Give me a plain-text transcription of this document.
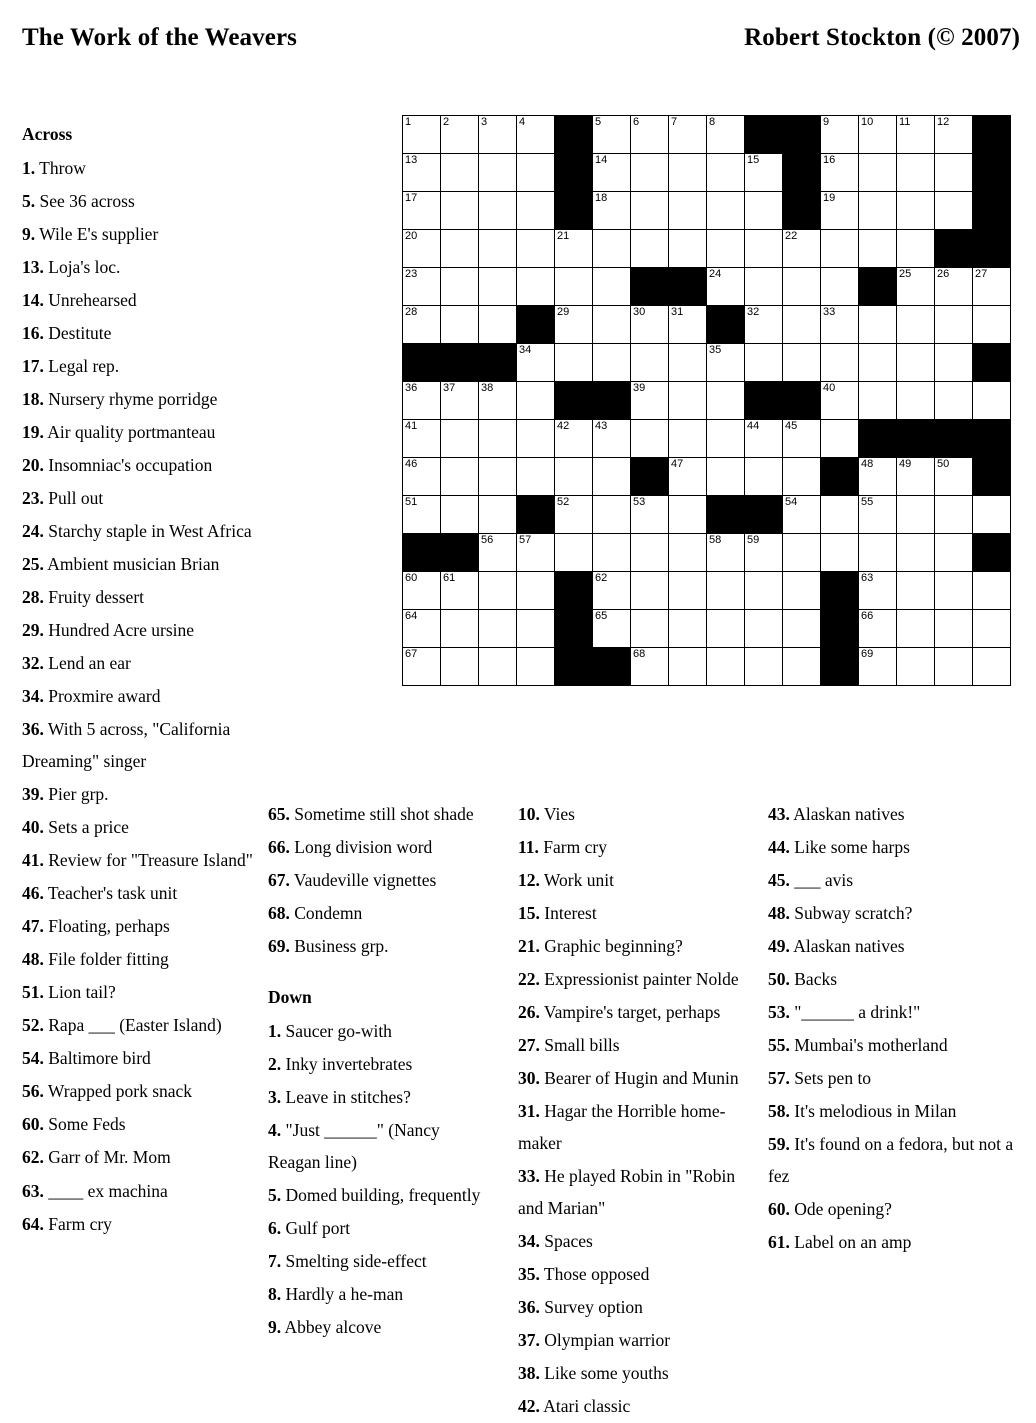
The Work of the Weavers	Robert Stockton (© 2007)
1	2	3	4		5	6	7	8			9	10	11	12	

13					14				15		16				

17					18						19				

20				21						22					

23								24					25	26	27

28				29		30	31		32		33				

			34					35							

36	37	38				39					40				

41				42	43				44	45					

46							47					48	49	50	

51				52		53				54		55			

		56	57					58	59						

60	61				62							63			

64					65							66			

67						68						69			

Across
1. Throw
5. See 36 across
9. Wile E's supplier
13. Loja's loc.
14. Unrehearsed
16. Destitute
17. Legal rep.
18. Nursery rhyme porridge
19. Air quality portmanteau
20. Insomniac's occupation
23. Pull out
24. Starchy staple in West Africa
25. Ambient musician Brian
28. Fruity dessert
29. Hundred Acre ursine
32. Lend an ear
34. Proxmire award
36. With 5 across, "California Dreaming" singer
39. Pier grp.
40. Sets a price
41. Review for "Treasure Island"
46. Teacher's task unit
47. Floating, perhaps
48. File folder fitting
51. Lion tail?
52. Rapa ___ (Easter Island)
54. Baltimore bird
56. Wrapped pork snack
60. Some Feds
62. Garr of Mr. Mom
63. ____ ex machina
64. Farm cry
65. Sometime still shot shade
66. Long division word
67. Vaudeville vignettes
68. Condemn
69. Business grp.
Down
1. Saucer go-with
2. Inky invertebrates
3. Leave in stitches?
4. "Just ______" (Nancy Reagan line)
5. Domed building, frequently
6. Gulf port
7. Smelting side-effect
8. Hardly a he-man
9. Abbey alcove
10. Vies
11. Farm cry
12. Work unit
15. Interest
21. Graphic beginning?
22. Expressionist painter Nolde
26. Vampire's target, perhaps
27. Small bills
30. Bearer of Hugin and Munin
31. Hagar the Horrible home-maker
33. He played Robin in "Robin and Marian"
34. Spaces
35. Those opposed
36. Survey option
37. Olympian warrior
38. Like some youths
42. Atari classic
43. Alaskan natives
44. Like some harps
45. ___ avis
48. Subway scratch?
49. Alaskan natives
50. Backs
53. "______ a drink!"
55. Mumbai's motherland
57. Sets pen to
58. It's melodious in Milan
59. It's found on a fedora, but not a fez
60. Ode opening?
61. Label on an amp
